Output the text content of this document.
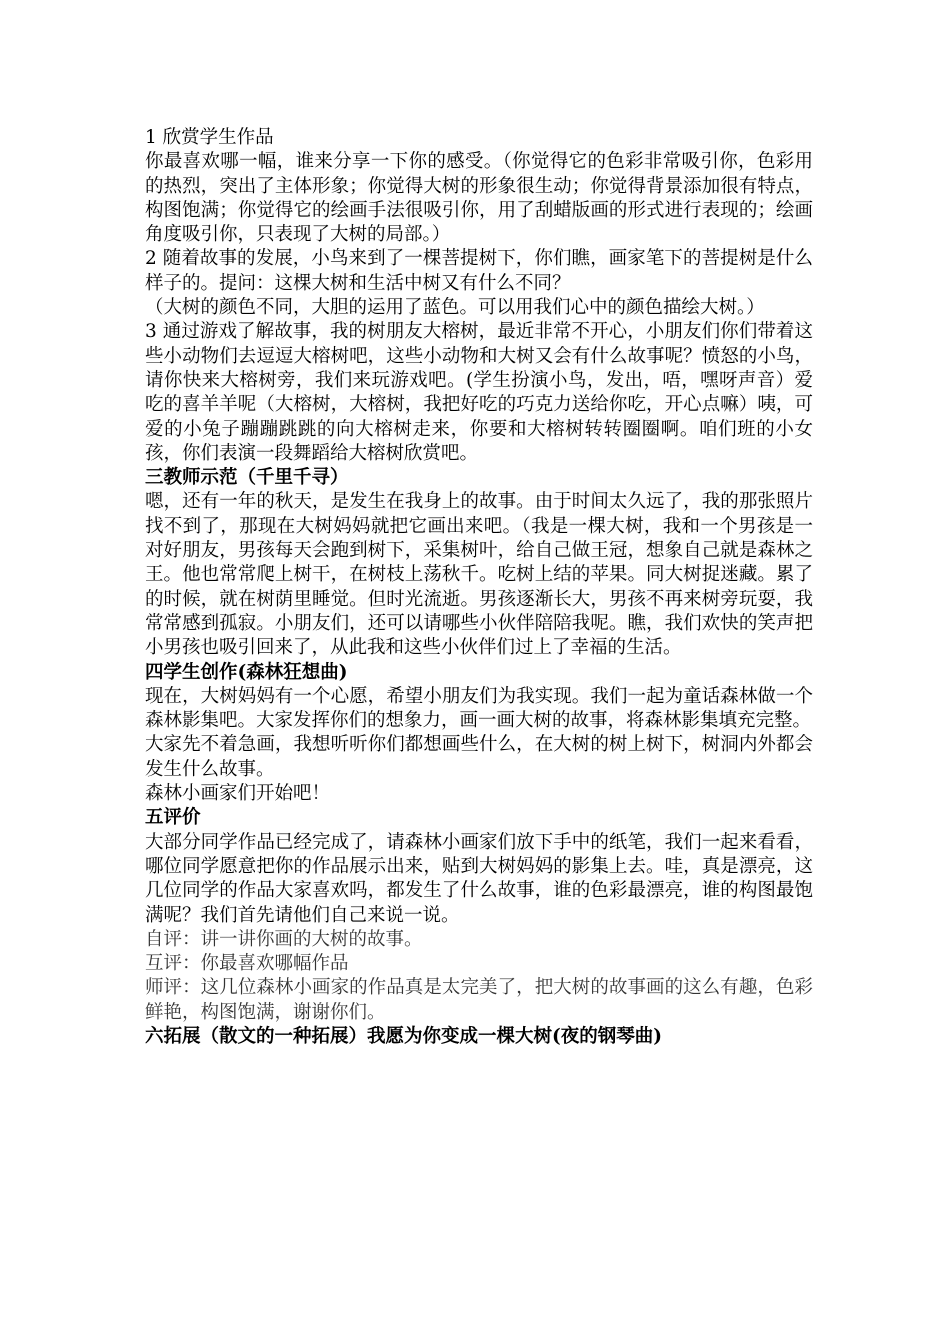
1 欣赏学生作品

你最喜欢哪一幅，谁来分享一下你的感受。（你觉得它的色彩非常吸引你，色彩用的热烈，突出了主体形象；你觉得大树的形象很生动；你觉得背景添加很有特点，构图饱满；你觉得它的绘画手法很吸引你，用了刮蜡版画的形式进行表现的；绘画角度吸引你，只表现了大树的局部。）

2 随着故事的发展，小鸟来到了一棵菩提树下，你们瞧，画家笔下的菩提树是什么样子的。提问：这棵大树和生活中树又有什么不同？

（大树的颜色不同，大胆的运用了蓝色。可以用我们心中的颜色描绘大树。）

3 通过游戏了解故事，我的树朋友大榕树，最近非常不开心，小朋友们你们带着这些小动物们去逗逗大榕树吧，这些小动物和大树又会有什么故事呢？愤怒的小鸟，请你快来大榕树旁，我们来玩游戏吧。(学生扮演小鸟，发出，唔，嘿呀声音）爱吃的喜羊羊呢（大榕树，大榕树，我把好吃的巧克力送给你吃，开心点嘛）咦，可爱的小兔子蹦蹦跳跳的向大榕树走来，你要和大榕树转转圈圈啊。咱们班的小女孩，你们表演一段舞蹈给大榕树欣赏吧。

三教师示范（千里千寻）

嗯，还有一年的秋天，是发生在我身上的故事。由于时间太久远了，我的那张照片找不到了，那现在大树妈妈就把它画出来吧。（我是一棵大树，我和一个男孩是一对好朋友，男孩每天会跑到树下，采集树叶，给自己做王冠，想象自己就是森林之王。他也常常爬上树干，在树枝上荡秋千。吃树上结的苹果。同大树捉迷藏。累了的时候，就在树荫里睡觉。但时光流逝。男孩逐渐长大，男孩不再来树旁玩耍，我常常感到孤寂。小朋友们，还可以请哪些小伙伴陪陪我呢。瞧，我们欢快的笑声把小男孩也吸引回来了，从此我和这些小伙伴们过上了幸福的生活。

四学生创作(森林狂想曲)

现在，大树妈妈有一个心愿，希望小朋友们为我实现。我们一起为童话森林做一个森林影集吧。大家发挥你们的想象力，画一画大树的故事，将森林影集填充完整。

大家先不着急画，我想听听你们都想画些什么，在大树的树上树下，树洞内外都会发生什么故事。

森林小画家们开始吧！

五评价

大部分同学作品已经完成了，请森林小画家们放下手中的纸笔，我们一起来看看，哪位同学愿意把你的作品展示出来，贴到大树妈妈的影集上去。哇，真是漂亮，这几位同学的作品大家喜欢吗，都发生了什么故事，谁的色彩最漂亮，谁的构图最饱满呢？我们首先请他们自己来说一说。

自评：讲一讲你画的大树的故事。

互评：你最喜欢哪幅作品

师评：这几位森林小画家的作品真是太完美了，把大树的故事画的这么有趣，色彩鲜艳，构图饱满，谢谢你们。

六拓展（散文的一种拓展）我愿为你变成一棵大树(夜的钢琴曲)
